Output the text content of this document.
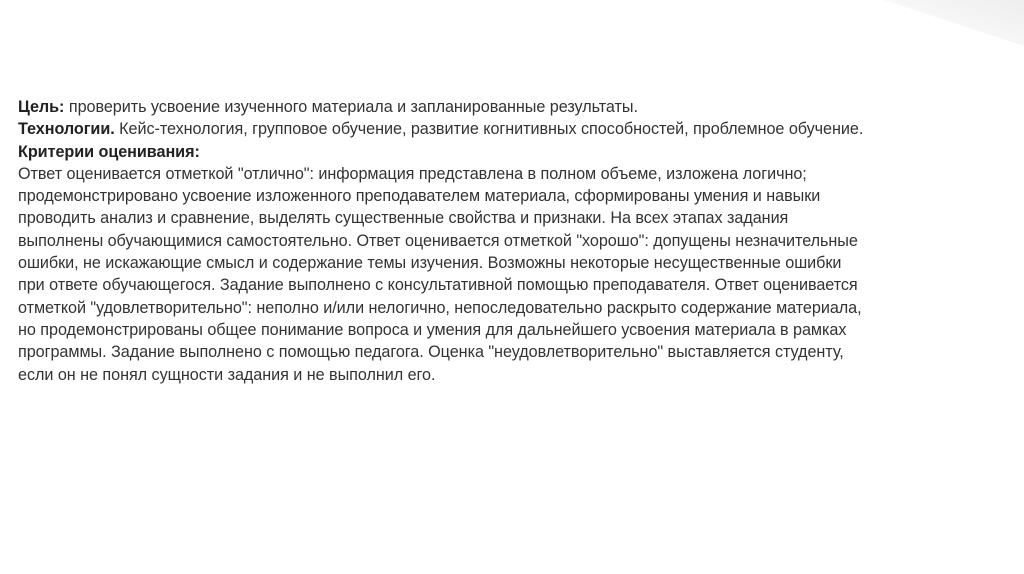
Цель: проверить усвоение изученного материала и запланированные результаты.

Технологии. Кейс-технология, групповое обучение, развитие когнитивных способностей, проблемное обучение.

Критерии оценивания:

Ответ оценивается отметкой "отлично": информация представлена в полном объеме, изложена логично;

продемонстрировано усвоение изложенного преподавателем материала, сформированы умения и навыки

проводить анализ и сравнение, выделять существенные свойства и признаки. На всех этапах задания

выполнены обучающимися самостоятельно. Ответ оценивается отметкой "хорошо": допущены незначительные

ошибки, не искажающие смысл и содержание темы изучения. Возможны некоторые несущественные ошибки

при ответе обучающегося. Задание выполнено с консультативной помощью преподавателя. Ответ оценивается

отметкой "удовлетворительно": неполно и/или нелогично, непоследовательно раскрыто содержание материала,

но продемонстрированы общее понимание вопроса и умения для дальнейшего усвоения материала в рамках

программы. Задание выполнено с помощью педагога. Оценка "неудовлетворительно" выставляется студенту,

если он не понял сущности задания и не выполнил его.
